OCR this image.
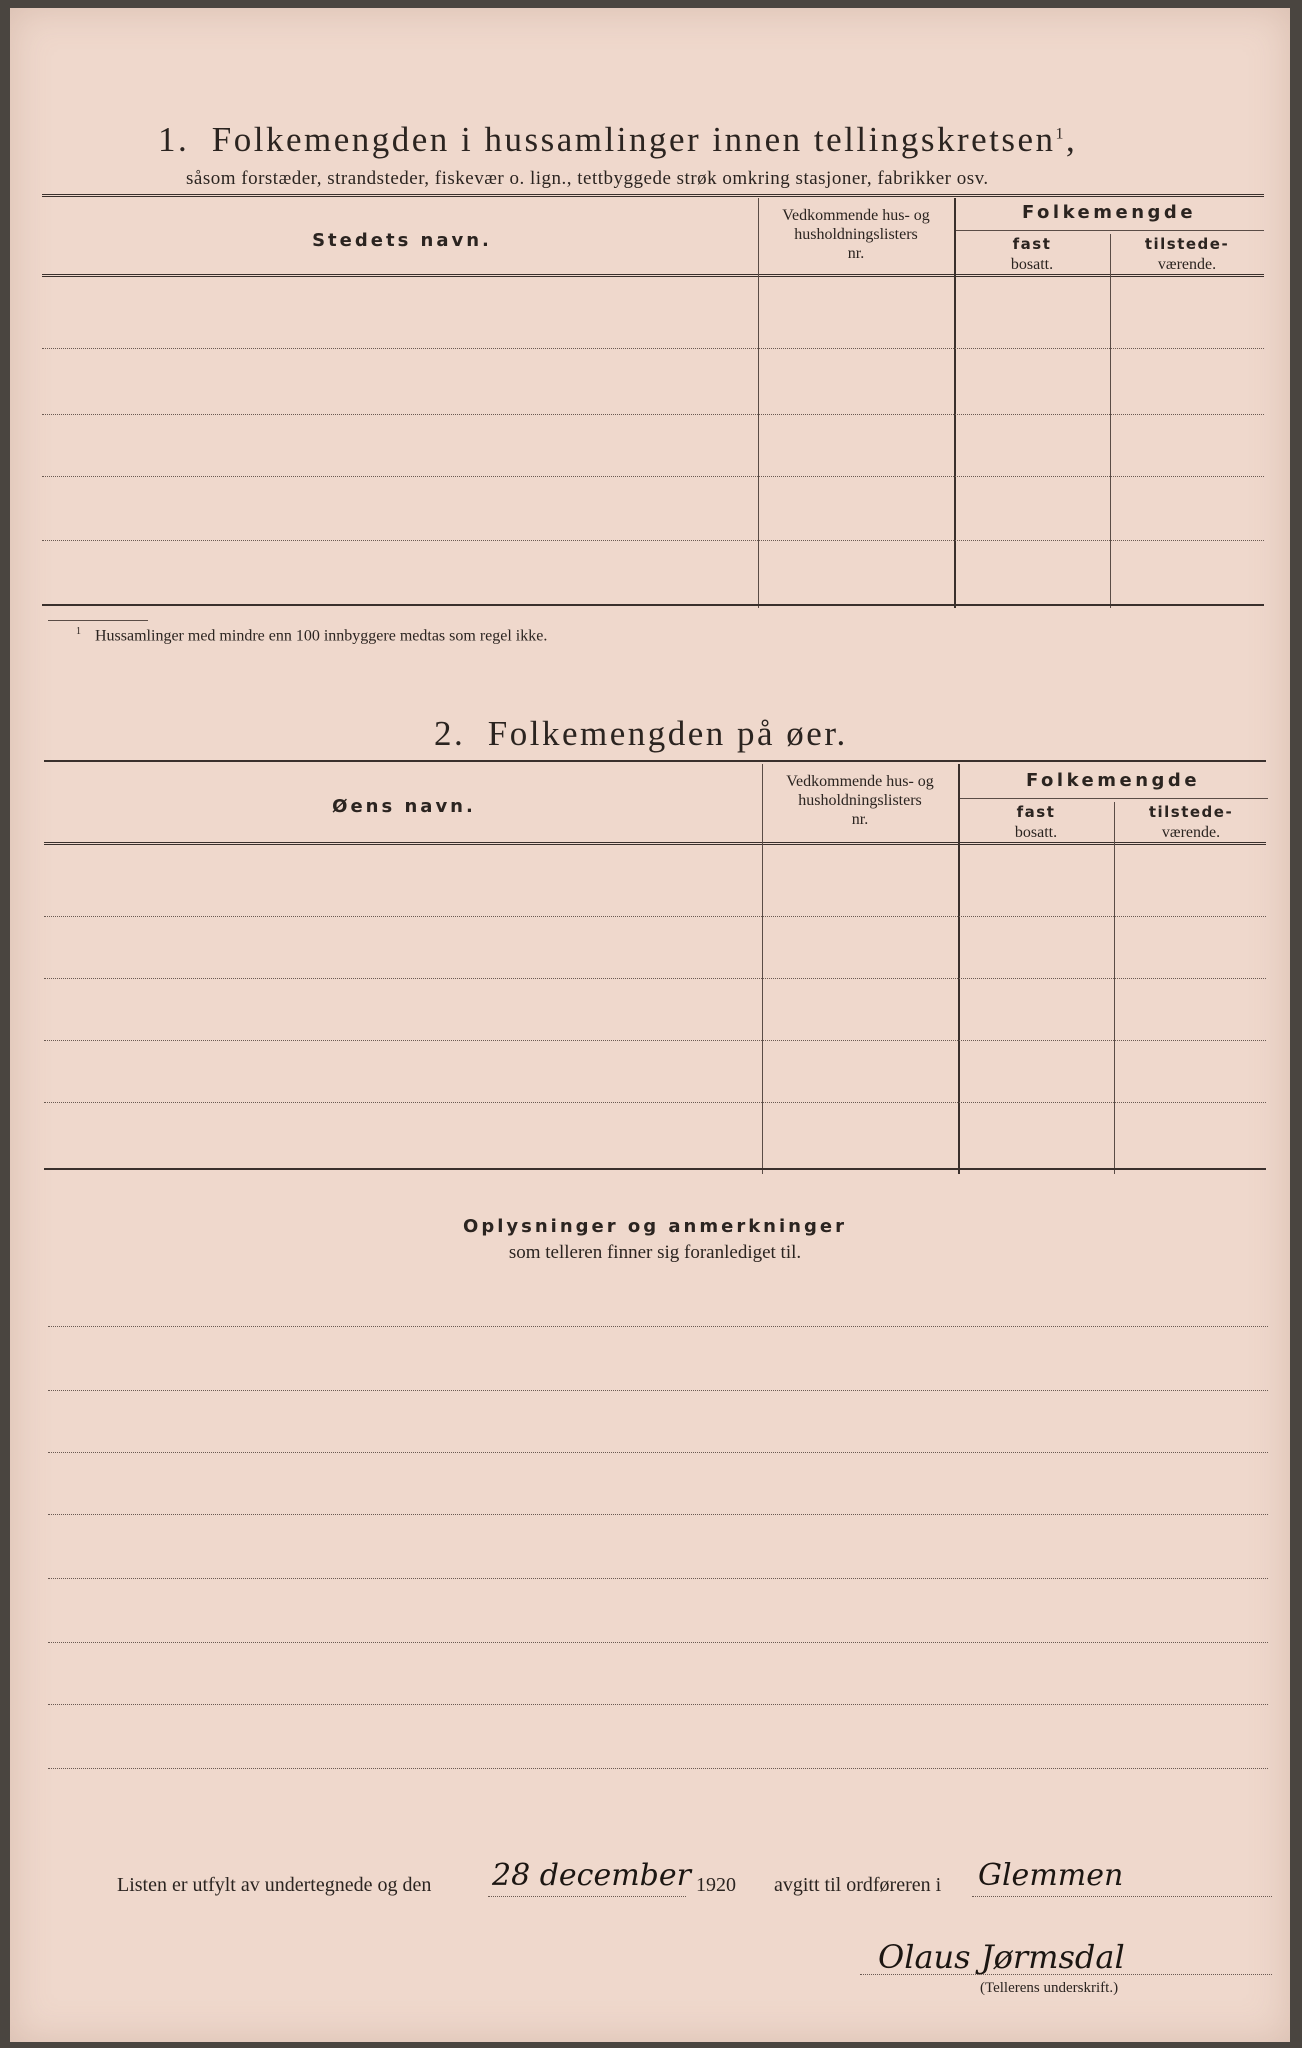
1. Folkemengden i hussamlinger innen tellingskretsen$^1$,
såsom forstæder, strandsteder, fiskevær o. lign., tettbyggede strøk omkring stasjoner, fabrikker osv.
Stedets navn.
Vedkommende hus- og
husholdningslisters
nr.
Folkemengde
fast
bosatt.
tilstede-
værende.
$^1$ Hussamlinger med mindre enn 100 innbyggere medtas som regel ikke.
2. Folkemengden på øer.
Øens navn.
Vedkommende hus- og
husholdningslisters
nr.
Folkemengde
fast
bosatt.
tilstede-
værende.
Oplysninger og anmerkninger
som telleren finner sig foranlediget til.
Listen er utfylt av undertegnede og den 28 december 1920 avgitt til ordføreren i Glemmen
Olaus Jørmsdal
(Tellerens underskrift.)
